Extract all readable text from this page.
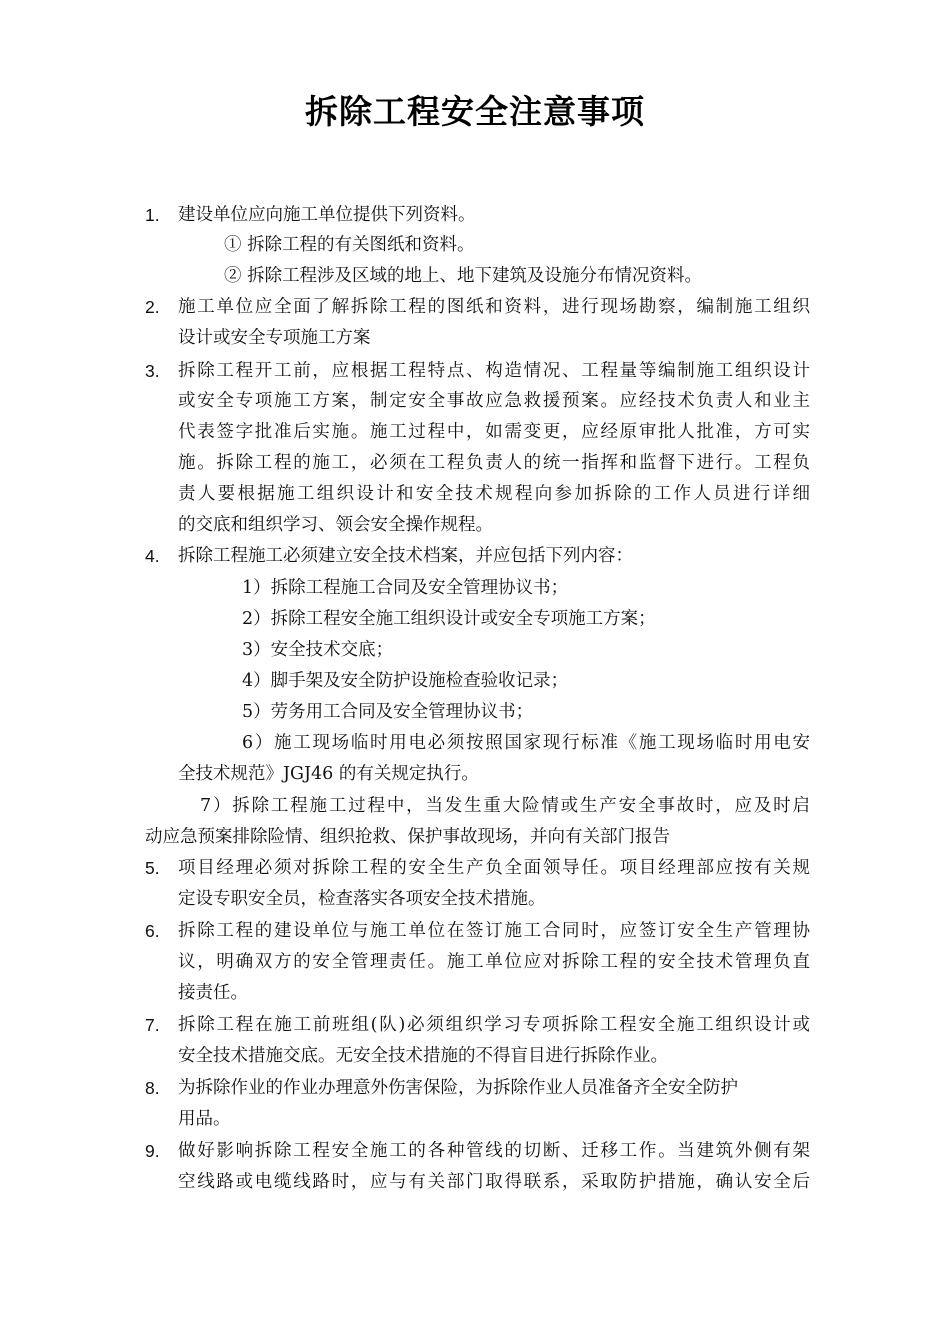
拆除工程安全注意事项
1. 建设单位应向施工单位提供下列资料。
① 拆除工程的有关图纸和资料。
② 拆除工程涉及区域的地上、地下建筑及设施分布情况资料。
2. 施工单位应全面了解拆除工程的图纸和资料，进行现场勘察，编制施工组织
设计或安全专项施工方案
3. 拆除工程开工前，应根据工程特点、构造情况、工程量等编制施工组织设计
或安全专项施工方案，制定安全事故应急救援预案。应经技术负责人和业主
代表签字批准后实施。施工过程中，如需变更，应经原审批人批准，方可实
施。拆除工程的施工，必须在工程负责人的统一指挥和监督下进行。工程负
责人要根据施工组织设计和安全技术规程向参加拆除的工作人员进行详细
的交底和组织学习、领会安全操作规程。
4. 拆除工程施工必须建立安全技术档案，并应包括下列内容：
1）拆除工程施工合同及安全管理协议书；
2）拆除工程安全施工组织设计或安全专项施工方案；
3）安全技术交底；
4）脚手架及安全防护设施检查验收记录；
5）劳务用工合同及安全管理协议书；
6）施工现场临时用电必须按照国家现行标准《施工现场临时用电安
全技术规范》JGJ46 的有关规定执行。
7）拆除工程施工过程中，当发生重大险情或生产安全事故时，应及时启
动应急预案排除险情、组织抢救、保护事故现场，并向有关部门报告
5. 项目经理必须对拆除工程的安全生产负全面领导任。项目经理部应按有关规
定设专职安全员，检查落实各项安全技术措施。
6. 拆除工程的建设单位与施工单位在签订施工合同时，应签订安全生产管理协
议，明确双方的安全管理责任。施工单位应对拆除工程的安全技术管理负直
接责任。
7. 拆除工程在施工前班组(队)必须组织学习专项拆除工程安全施工组织设计或
安全技术措施交底。无安全技术措施的不得盲目进行拆除作业。
8. 为拆除作业的作业办理意外伤害保险，为拆除作业人员准备齐全安全防护
用品。
9. 做好影响拆除工程安全施工的各种管线的切断、迁移工作。当建筑外侧有架
空线路或电缆线路时，应与有关部门取得联系，采取防护措施，确认安全后
